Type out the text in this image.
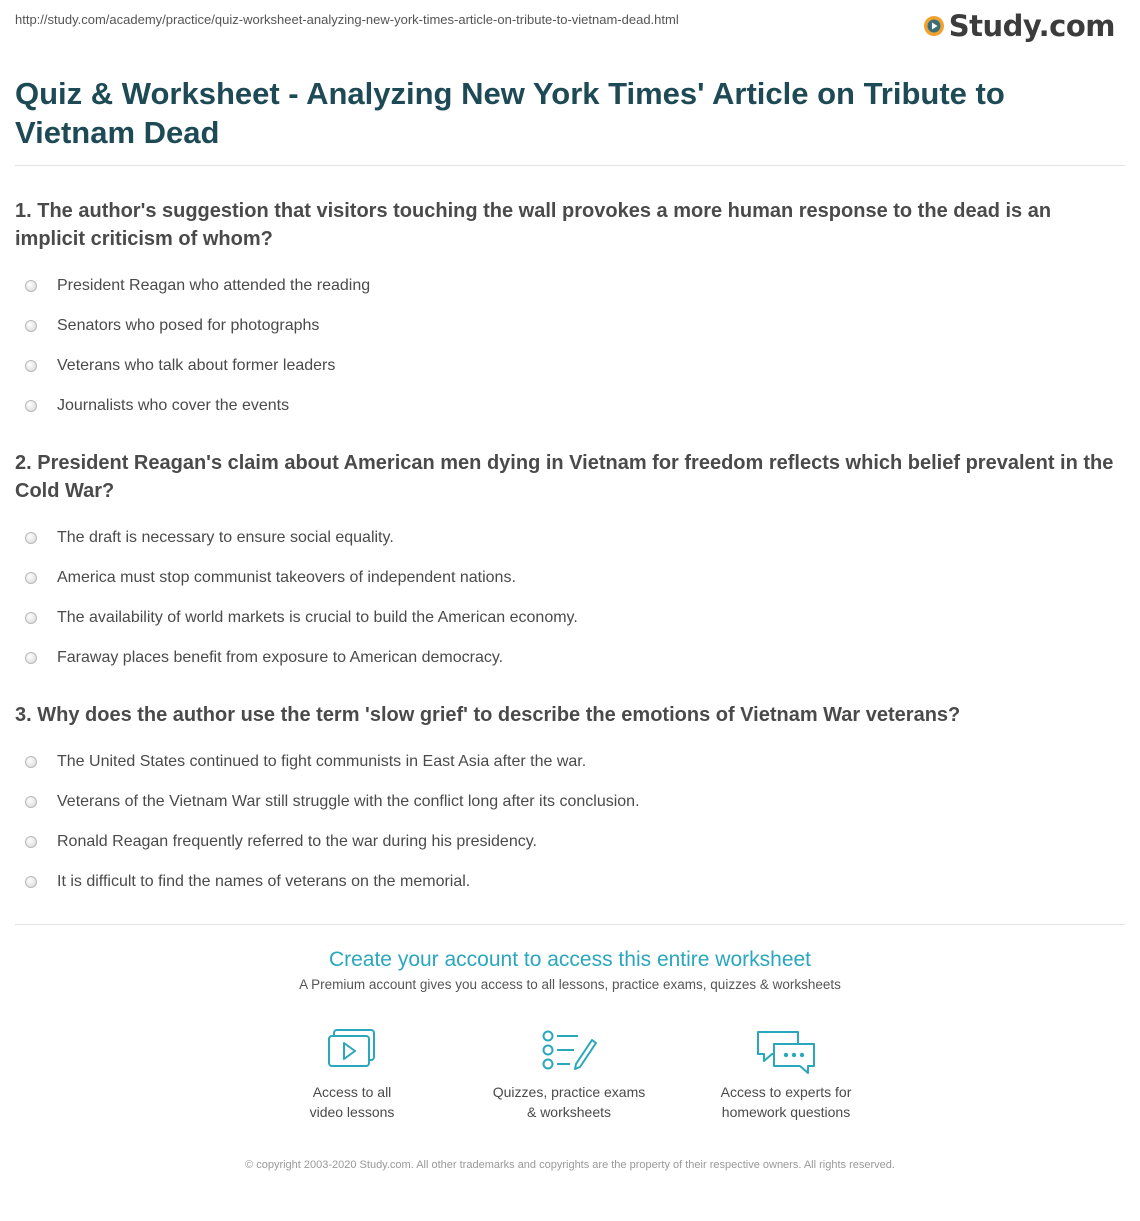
http://study.com/academy/practice/quiz-worksheet-analyzing-new-york-times-article-on-tribute-to-vietnam-dead.html	Study.com
Quiz & Worksheet - Analyzing New York Times' Article on Tribute to Vietnam Dead

1. The author's suggestion that visitors touching the wall provokes a more human response to the dead is an implicit criticism of whom?

President Reagan who attended the reading
Senators who posed for photographs
Veterans who talk about former leaders
Journalists who cover the events

2. President Reagan's claim about American men dying in Vietnam for freedom reflects which belief prevalent in the Cold War?

The draft is necessary to ensure social equality.
America must stop communist takeovers of independent nations.
The availability of world markets is crucial to build the American economy.
Faraway places benefit from exposure to American democracy.

3. Why does the author use the term 'slow grief' to describe the emotions of Vietnam War veterans?

The United States continued to fight communists in East Asia after the war.
Veterans of the Vietnam War still struggle with the conflict long after its conclusion.
Ronald Reagan frequently referred to the war during his presidency.
It is difficult to find the names of veterans on the memorial.
Create your account to access this entire worksheet
A Premium account gives you access to all lessons, practice exams, quizzes & worksheets
Access to all
video lessons
Quizzes, practice exams
& worksheets
Access to experts for
homework questions
© copyright 2003-2020 Study.com. All other trademarks and copyrights are the property of their respective owners. All rights reserved.
